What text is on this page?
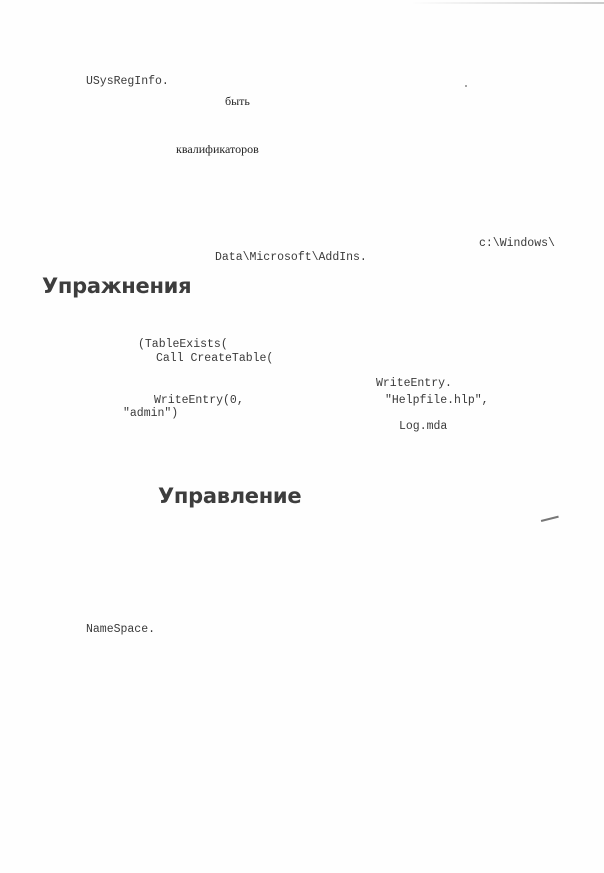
USysRegInfo.
быть
квалификаторов
c:\Windows\
Data\Microsoft\AddIns.
Упражнения
(TableExists(
Call CreateTable(
WriteEntry.
WriteEntry(0,	"Helpfile.hlp",
"admin")
Log.mda
Управление
NameSpace.
